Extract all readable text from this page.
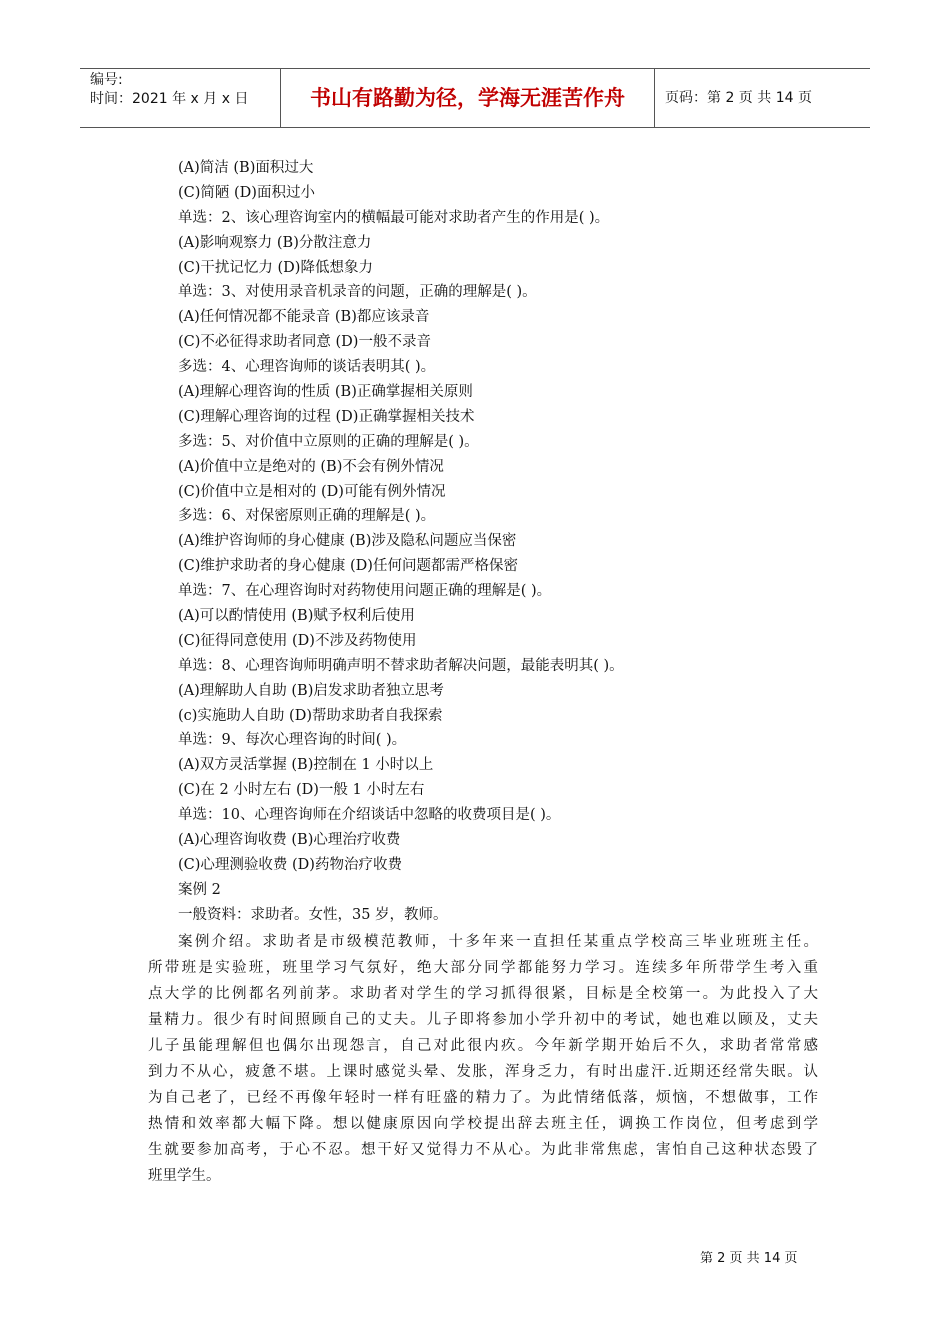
编号:
时间：2021 年 x 月 x 日	书山有路勤为径，学海无涯苦作舟	页码：第 2 页 共 14 页
(A)简洁 (B)面积过大
(C)简陋 (D)面积过小
单选：2、该心理咨询室内的横幅最可能对求助者产生的作用是( )。
(A)影响观察力 (B)分散注意力
(C)干扰记忆力 (D)降低想象力
单选：3、对使用录音机录音的问题，正确的理解是( )。
(A)任何情况都不能录音 (B)都应该录音
(C)不必征得求助者同意 (D)一般不录音
多选：4、心理咨询师的谈话表明其( )。
(A)理解心理咨询的性质 (B)正确掌握相关原则
(C)理解心理咨询的过程 (D)正确掌握相关技术
多选：5、对价值中立原则的正确的理解是( )。
(A)价值中立是绝对的 (B)不会有例外情况
(C)价值中立是相对的 (D)可能有例外情况
多选：6、对保密原则正确的理解是( )。
(A)维护咨询师的身心健康 (B)涉及隐私问题应当保密
(C)维护求助者的身心健康 (D)任何问题都需严格保密
单选：7、在心理咨询时对药物使用问题正确的理解是( )。
(A)可以酌情使用 (B)赋予权利后使用
(C)征得同意使用 (D)不涉及药物使用
单选：8、心理咨询师明确声明不替求助者解决问题，最能表明其( )。
(A)理解助人自助 (B)启发求助者独立思考
(c)实施助人自助 (D)帮助求助者自我探索
单选：9、每次心理咨询的时间( )。
(A)双方灵活掌握 (B)控制在 1 小时以上
(C)在 2 小时左右 (D)一般 1 小时左右
单选：10、心理咨询师在介绍谈话中忽略的收费项目是( )。
(A)心理咨询收费 (B)心理治疗收费
(C)心理测验收费 (D)药物治疗收费
案例 2
一般资料：求助者。女性，35 岁，教师。
案例介绍。求助者是市级模范教师，十多年来一直担任某重点学校高三毕业班班主任。
所带班是实验班，班里学习气氛好，绝大部分同学都能努力学习。连续多年所带学生考入重
点大学的比例都名列前茅。求助者对学生的学习抓得很紧，目标是全校第一。为此投入了大
量精力。很少有时间照顾自己的丈夫。儿子即将参加小学升初中的考试，她也难以顾及，丈夫
儿子虽能理解但也偶尔出现怨言，自己对此很内疚。今年新学期开始后不久，求助者常常感
到力不从心，疲惫不堪。上课时感觉头晕、发胀，浑身乏力，有时出虚汗.近期还经常失眠。认
为自己老了，已经不再像年轻时一样有旺盛的精力了。为此情绪低落，烦恼，不想做事，工作
热情和效率都大幅下降。想以健康原因向学校提出辞去班主任，调换工作岗位，但考虑到学
生就要参加高考，于心不忍。想干好又觉得力不从心。为此非常焦虑，害怕自己这种状态毁了
班里学生。
第 2 页 共 14 页
